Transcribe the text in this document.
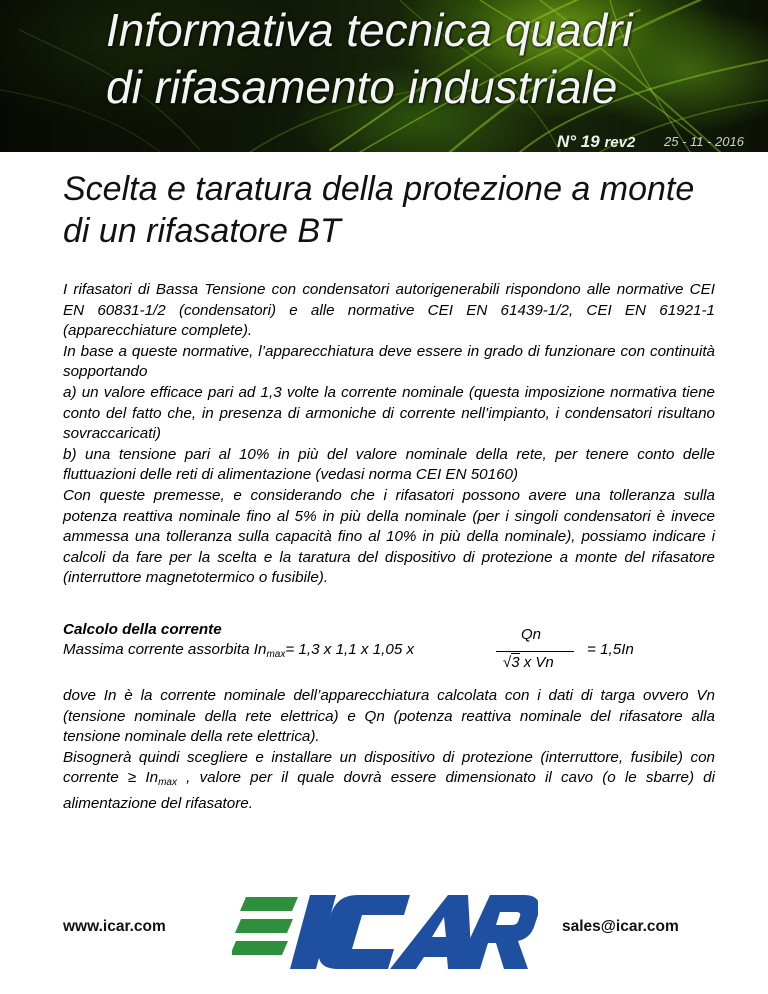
Informativa tecnica quadri
di rifasamento industriale
N° 19 rev2 25 - 11 - 2016
Scelta e taratura della protezione a monte di un rifasatore BT

I rifasatori di Bassa Tensione con condensatori autorigenerabili rispondono alle normative CEI EN 60831-1/2 (condensatori) e alle normative CEI EN 61439-1/2, CEI EN 61921-1 (apparecchiature complete).

In base a queste normative, l’apparecchiatura deve essere in grado di funzionare con continuità sopportando

a) un valore efficace pari ad 1,3 volte la corrente nominale (questa imposizione normativa tiene conto del fatto che, in presenza di armoniche di corrente nell’impianto, i condensatori risultano sovraccaricati)

b) una tensione pari al 10% in più del valore nominale della rete, per tenere conto delle fluttuazioni delle reti di alimentazione (vedasi norma CEI EN 50160)

Con queste premesse, e considerando che i rifasatori possono avere una tolleranza sulla potenza reattiva nominale fino al 5% in più della nominale (per i singoli condensatori è invece ammessa una tolleranza sulla capacità fino al 10% in più della nominale), possiamo indicare i calcoli da fare per la scelta e la taratura del dispositivo di protezione a monte del rifasatore (interruttore magnetotermico o fusibile).

Calcolo della corrente
Massima corrente assorbita $In_{max}= 1,3$ x 1,1 x 1,05 x
Qn
√3 x Vn
= 1,5In

dove In è la corrente nominale dell’apparecchiatura calcolata con i dati di targa ovvero Vn (tensione nominale della rete elettrica) e Qn (potenza reattiva nominale del rifasatore alla tensione nominale della rete elettrica).

Bisognerà quindi scegliere e installare un dispositivo di protezione (interruttore, fusibile) con corrente ≥ $In_{max}$ , valore per il quale dovrà essere dimensionato il cavo (o le sbarre) di alimentazione del rifasatore.

www.icar.com	sales@icar.com
